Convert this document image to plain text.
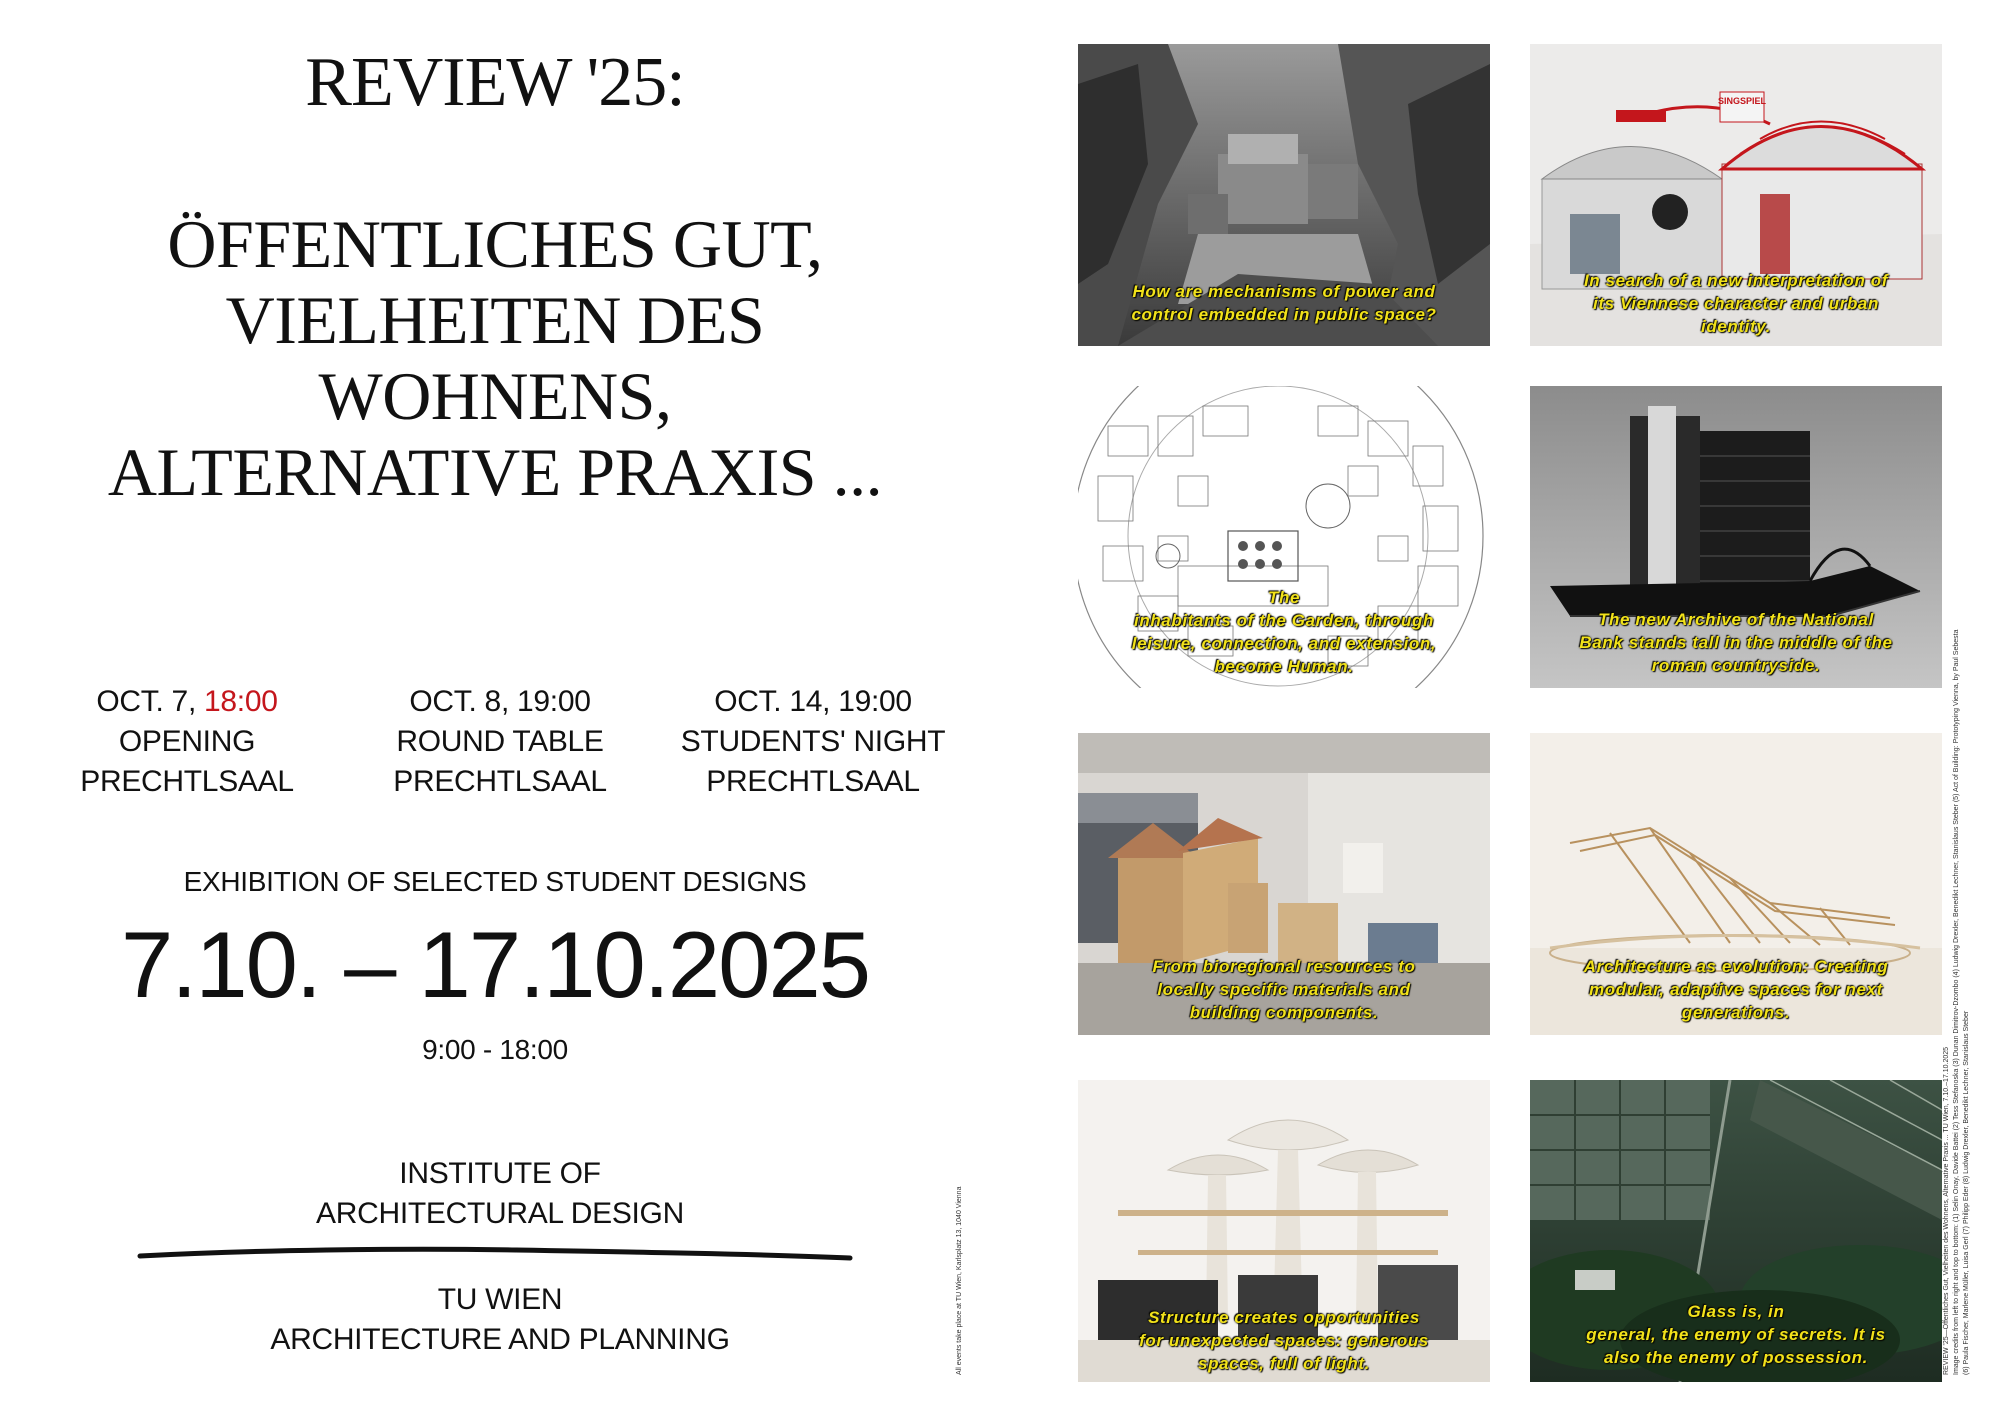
REVIEW '25:
ÖFFENTLICHES GUT,
VIELHEITEN DES
WOHNENS,
ALTERNATIVE PRAXIS ...
OCT. 7, 18:00
OPENING
PRECHTLSAAL
OCT. 8, 19:00
ROUND TABLE
PRECHTLSAAL
OCT. 14, 19:00
STUDENTS' NIGHT
PRECHTLSAAL
EXHIBITION OF SELECTED STUDENT DESIGNS
7.10. – 17.10.2025
9:00 - 18:00
INSTITUTE OF
ARCHITECTURAL DESIGN
TU WIEN
ARCHITECTURE AND PLANNING	All events take place at TU Wien, Karlsplatz 13, 1040 Vienna	REVIEW '25—Öffentliches Gut, Vielheiten des Wohnens, Alternative Praxis ... TU Wien, 7.10.–17.10.2025 Image credits from left to right and top to bottom: (1) Selin Onay, Davide Battei (2) Tess Stefanoska (3) Dunan Dimitrov-Dzombo (4) Ludwig Drexler, Benedikt Lechner, Stanislaus Steber (5) Act of Building: Prototyping Vienna, by Paul Sebesta (6) Paula Fischer, Marlene Müller, Luisa Gerl (7) Philipp Eder (8) Ludwig Drexler, Benedikt Lechner, Stanislaus Steber
How are mechanisms of power and
control embedded in public space?
SINGSPIEL
In search of a new interpretation of
its Viennese character and urban
identity.
The
inhabitants of the Garden, through
leisure, connection, and extension,
become Human.
The new Archive of the National
Bank stands tall in the middle of the
roman countryside.
From bioregional resources to
locally specific materials and
building components.
Architecture as evolution: Creating
modular, adaptive spaces for next
generations.
Structure creates opportunities
for unexpected spaces: generous
spaces, full of light.
Glass is, in
general, the enemy of secrets. It is
also the enemy of possession.
